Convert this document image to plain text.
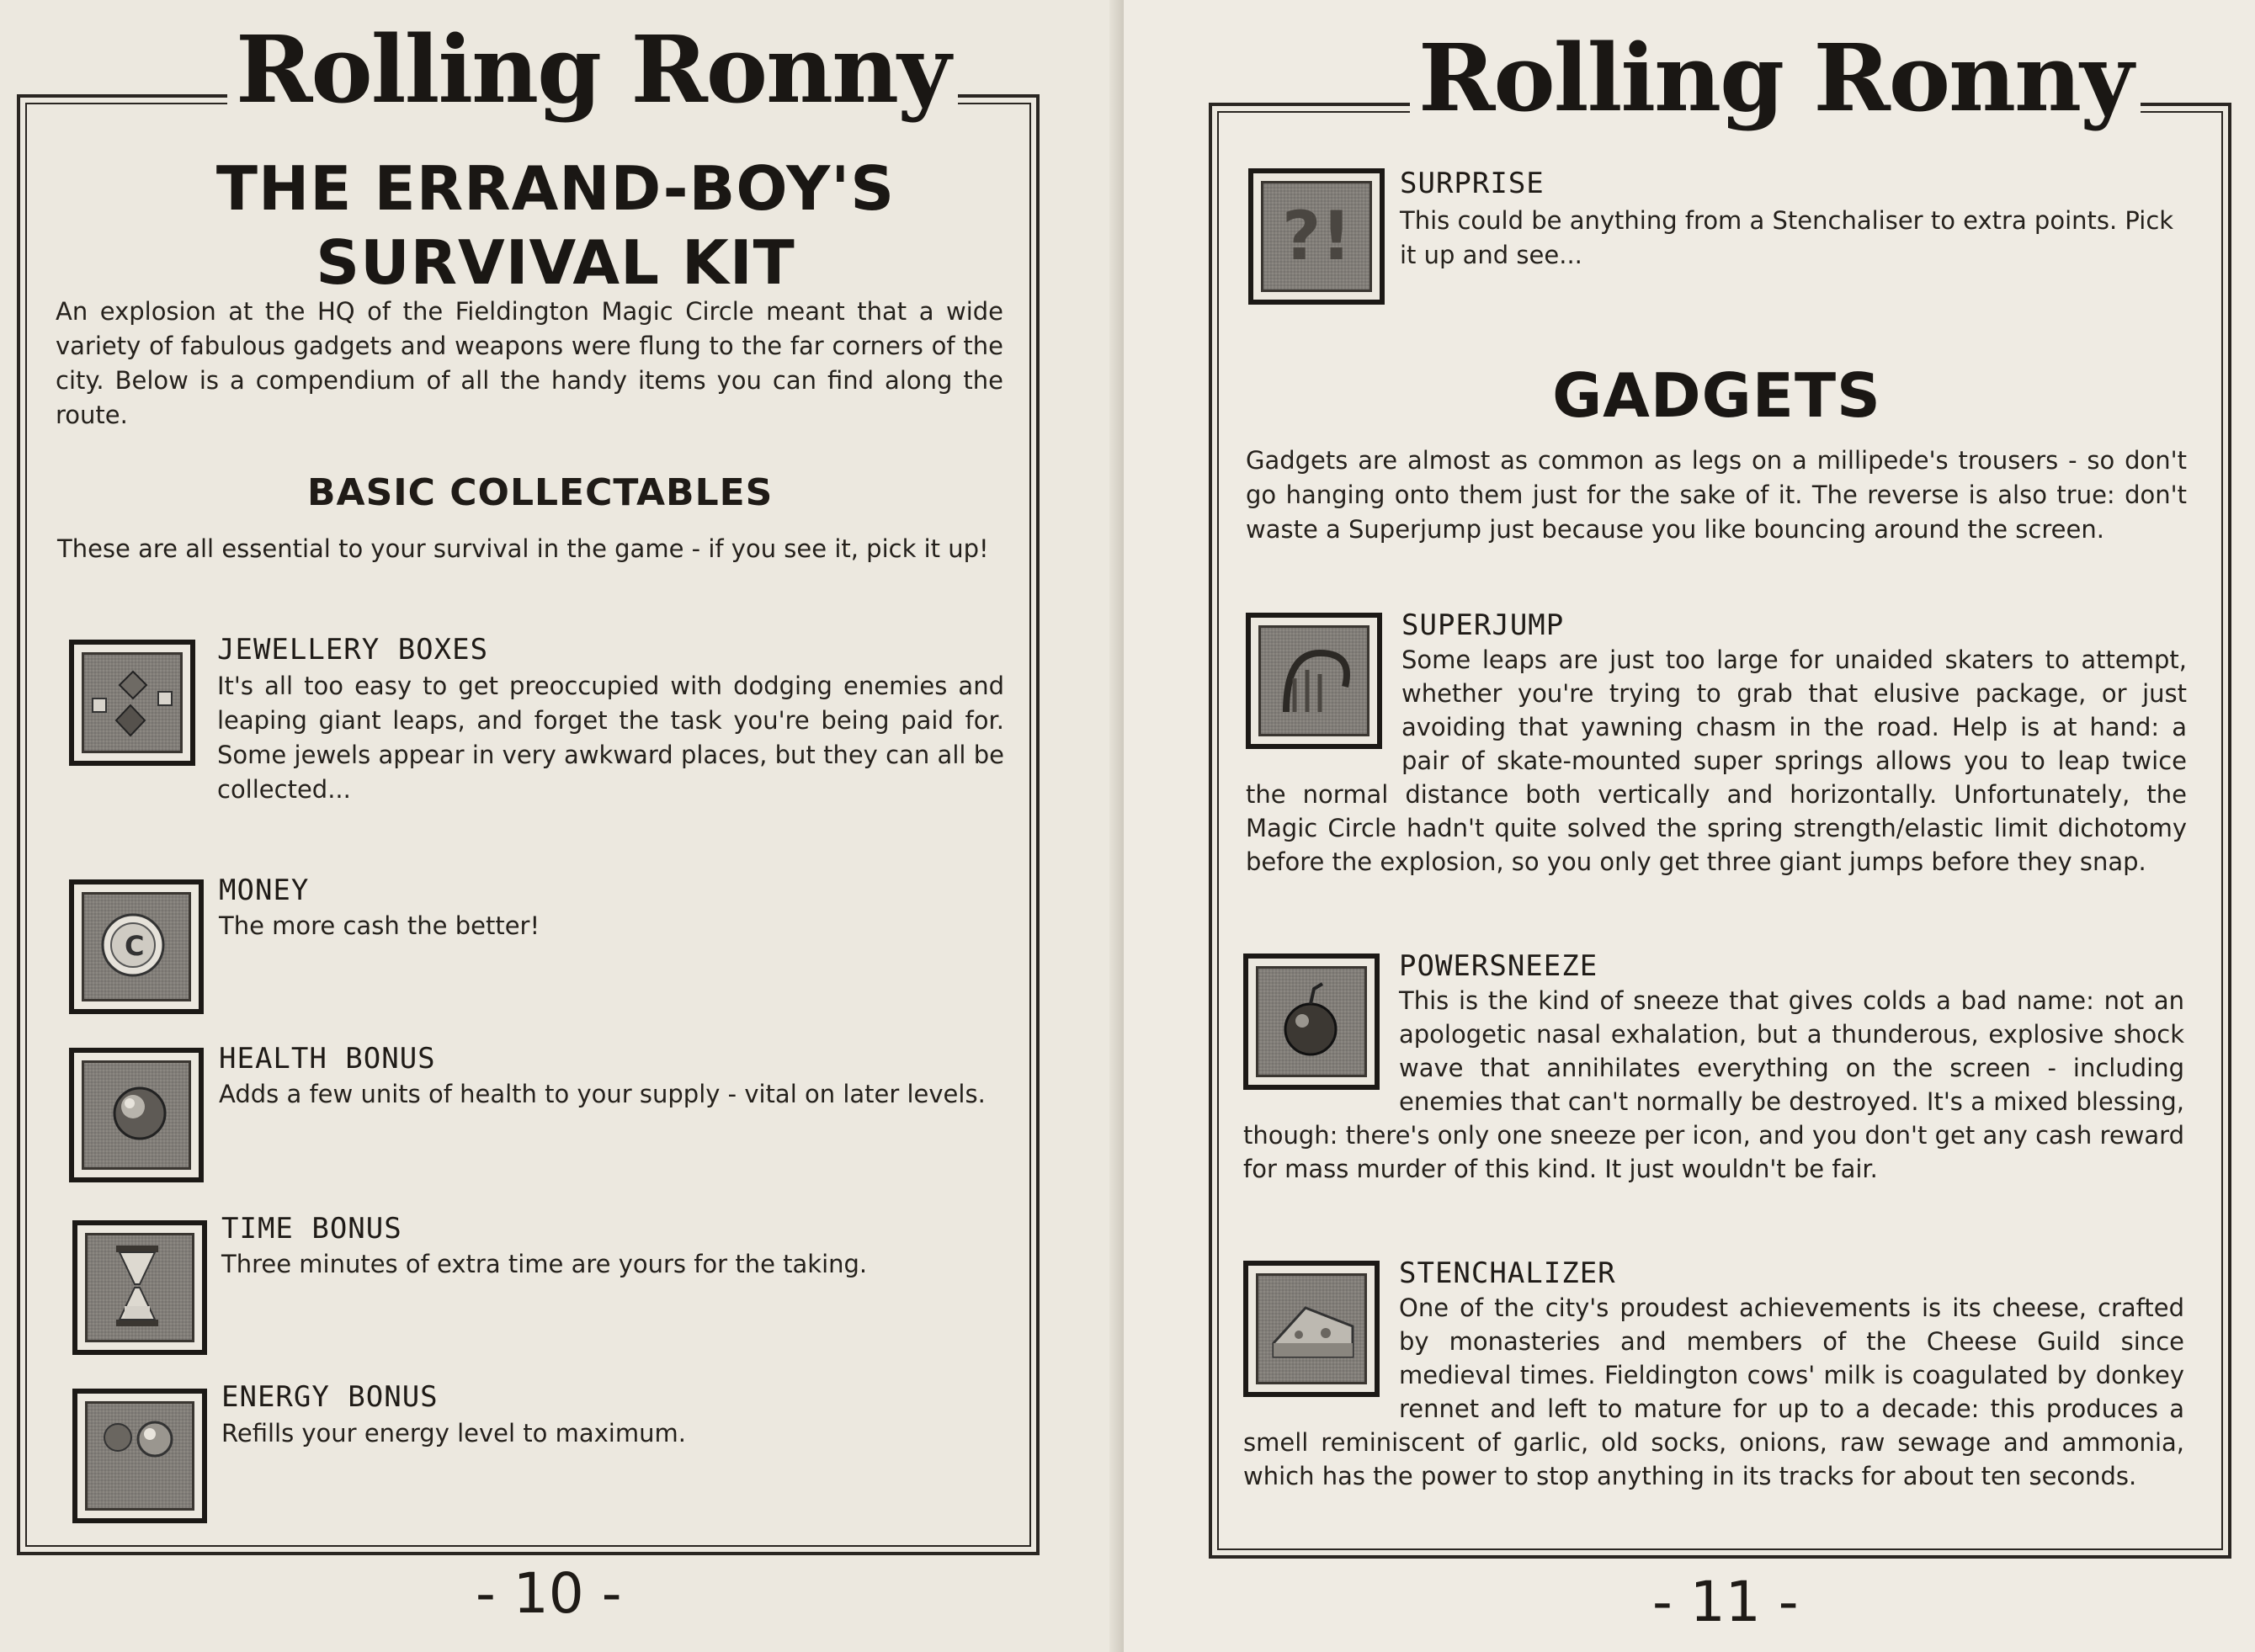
Rolling Ronny
THE ERRAND-BOY'S
SURVIVAL KIT
An explosion at the HQ of the Fieldington Magic Circle meant that a wide variety of fabulous gadgets and weapons were flung to the far corners of the city. Below is a compendium of all the handy items you can find along the route.
BASIC COLLECTABLES
These are all essential to your survival in the game - if you see it, pick it up!
JEWELLERY BOXES
It's all too easy to get preoccupied with dodging enemies and leaping giant leaps, and forget the task you're being paid for. Some jewels appear in very awkward places, but they can all be collected...
C
MONEY
The more cash the better!
HEALTH BONUS
Adds a few units of health to your supply - vital on later levels.
TIME BONUS
Three minutes of extra time are yours for the taking.
ENERGY BONUS
Refills your energy level to maximum.
- 10 -
Rolling Ronny
?!
SURPRISE
This could be anything from a Stenchaliser to extra points. Pick it up and see...
GADGETS
Gadgets are almost as common as legs on a millipede's trousers - so don't go hanging onto them just for the sake of it. The reverse is also true: don't waste a Superjump just because you like bouncing around the screen.
SUPERJUMP
Some leaps are just too large for unaided skaters to attempt, whether you're trying to grab that elusive package, or just avoiding that yawning chasm in the road. Help is at hand: a pair of skate-mounted super springs allows you to leap twice the normal distance both vertically and horizontally. Unfortunately, the Magic Circle hadn't quite solved the spring strength/elastic limit dichotomy before the explosion, so you only get three giant jumps before they snap.
POWERSNEEZE
This is the kind of sneeze that gives colds a bad name: not an apologetic nasal exhalation, but a thunderous, explosive shock wave that annihilates everything on the screen - including enemies that can't normally be destroyed. It's a mixed blessing, though: there's only one sneeze per icon, and you don't get any cash reward for mass murder of this kind. It just wouldn't be fair.
STENCHALIZER
One of the city's proudest achievements is its cheese, crafted by monasteries and members of the Cheese Guild since medieval times. Fieldington cows' milk is coagulated by donkey rennet and left to mature for up to a decade: this produces a smell reminiscent of garlic, old socks, onions, raw sewage and ammonia, which has the power to stop anything in its tracks for about ten seconds.
- 11 -
